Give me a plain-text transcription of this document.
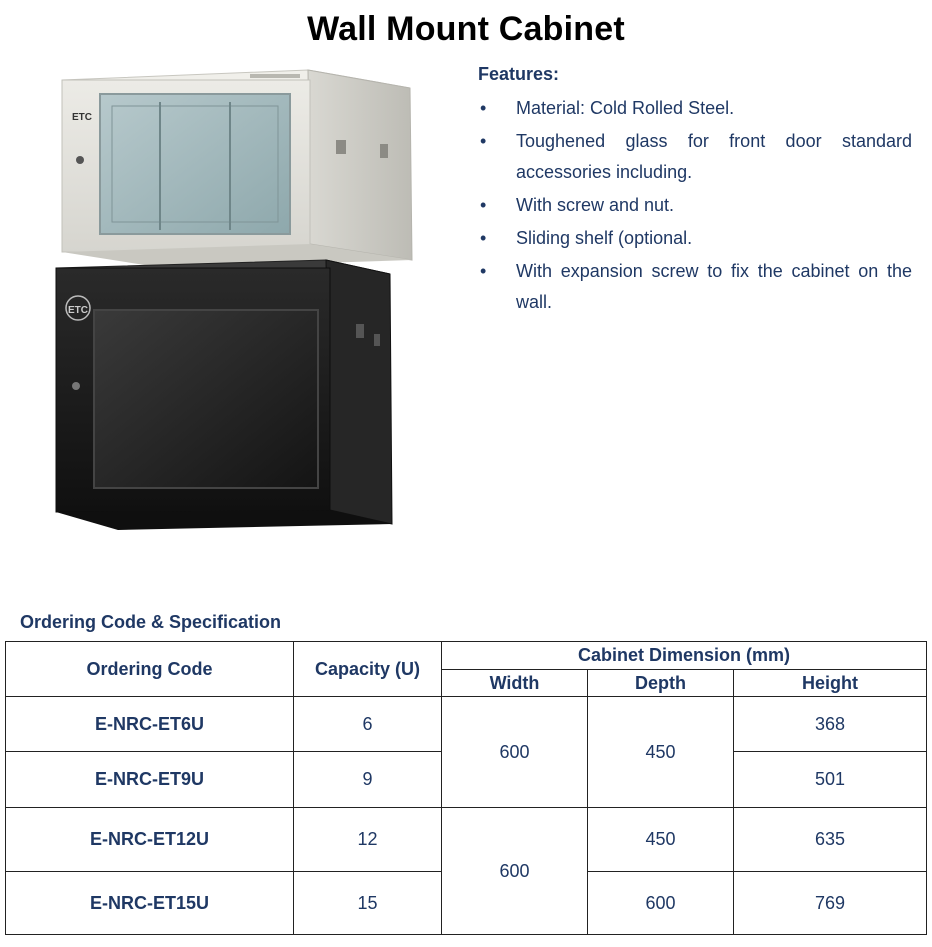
Wall Mount Cabinet
ETC
ETC
Features:
• Material: Cold Rolled Steel.
• Toughened glass for front door standard accessories including.
• With screw and nut.
• Sliding shelf (optional.
• With expansion screw to fix the cabinet on the wall.
Ordering Code & Specification
Ordering Code	Capacity (U)	Cabinet Dimension (mm)		
		Width	Depth	Height
E-NRC-ET6U	6	600	450	368
E-NRC-ET9U	9			501
E-NRC-ET12U	12	600	450	635
E-NRC-ET15U	15		600	769
